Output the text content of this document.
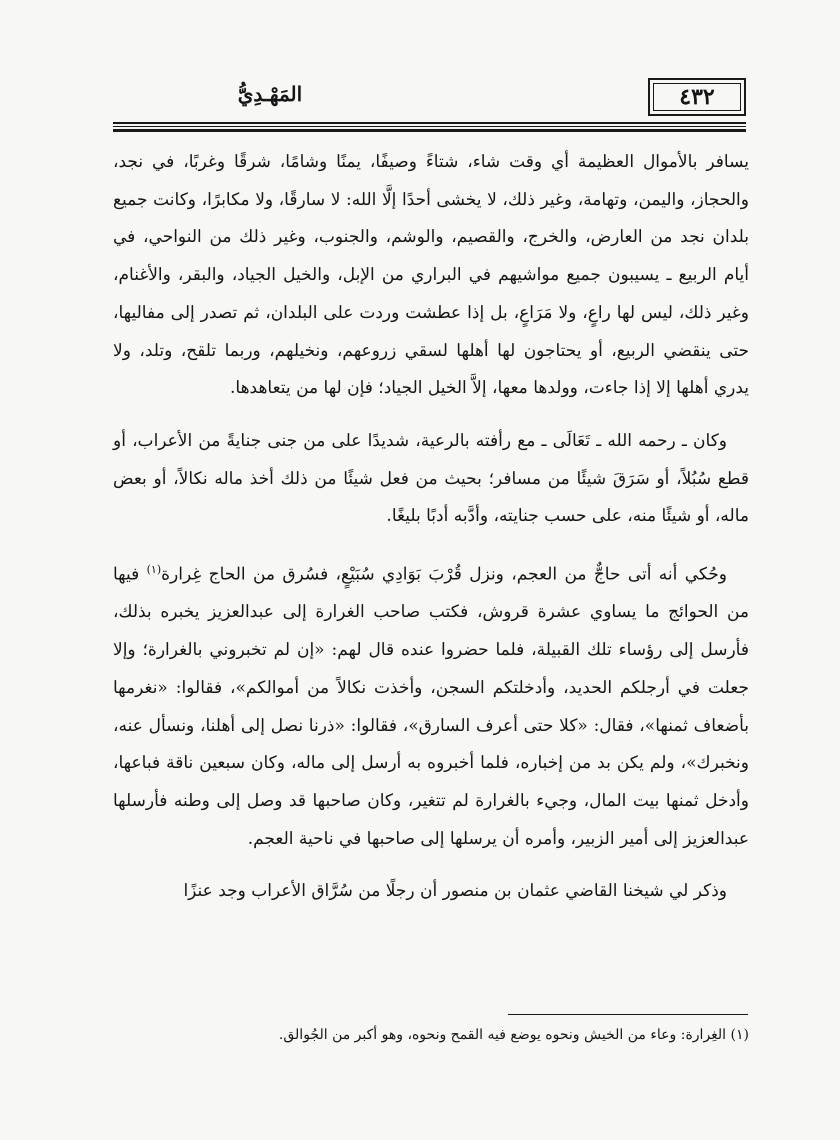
٤٣٢
المَهْـدِيُّ

يسافر بالأموال العظيمة أي وقت شاء، شتاءً وصيفًا، يمنًا وشامًا، شرقًا وغربًا، في نجد، والحجاز، واليمن، وتهامة، وغير ذلك، لا يخشى أحدًا إلَّا الله: لا سارقًا، ولا مكابرًا، وكانت جميع بلدان نجد من العارض، والخرج، والقصيم، والوشم، والجنوب، وغير ذلك من النواحي، في أيام الربيع ـ يسيبون جميع مواشيهم في البراري من الإبل، والخيل الجياد، والبقر، والأغنام، وغير ذلك، ليس لها راعٍ، ولا مَرَاعٍ، بل إذا عطشت وردت على البلدان، ثم تصدر إلى مفاليها، حتى ينقضي الربيع، أو يحتاجون لها أهلها لسقي زروعهم، ونخيلهم، وربما تلقح، وتلد، ولا يدري أهلها إلا إذا جاءت، وولدها معها، إلاَّ الخيل الجياد؛ فإن لها من يتعاهدها.

وكان ـ رحمه الله ـ تَعَالَى ـ مع رأفته بالرعية، شديدًا على من جنى جنايةً من الأعراب، أو قطع سُبُلاً، أو سَرَقَ شيئًا من مسافر؛ بحيث من فعل شيئًا من ذلك أخذ ماله نكالاً، أو بعض ماله، أو شيئًا منه، على حسب جنايته، وأدَّبه أدبًا بليغًا.

وحُكي أنه أتى حاجٌّ من العجم، ونزل قُرْبَ بَوَادِي سُبَيْعٍ، فسُرق من الحاج غِرارة$^{(١)}$ فيها من الحوائج ما يساوي عشرة قروش، فكتب صاحب الغرارة إلى عبدالعزيز يخبره بذلك، فأرسل إلى رؤساء تلك القبيلة، فلما حضروا عنده قال لهم: «إن لم تخبروني بالغرارة؛ وإلا جعلت في أرجلكم الحديد، وأدخلتكم السجن، وأخذت نكالاً من أموالكم»، فقالوا: «نغرمها بأضعاف ثمنها»، فقال: «كلا حتى أعرف السارق»، فقالوا: «ذرنا نصل إلى أهلنا، ونسأل عنه، ونخبرك»، ولم يكن بد من إخباره، فلما أخبروه به أرسل إلى ماله، وكان سبعين ناقة فباعها، وأدخل ثمنها بيت المال، وجيء بالغرارة لم تتغير، وكان صاحبها قد وصل إلى وطنه فأرسلها عبدالعزيز إلى أمير الزبير، وأمره أن يرسلها إلى صاحبها في ناحية العجم.

وذكر لي شيخنا القاضي عثمان بن منصور أن رجلًا من سُرَّاق الأعراب وجد عنزًا

(١) الغِرارة: وعاء من الخيش ونحوه يوضع فيه القمح ونحوه، وهو أكبر من الجُوالق.
